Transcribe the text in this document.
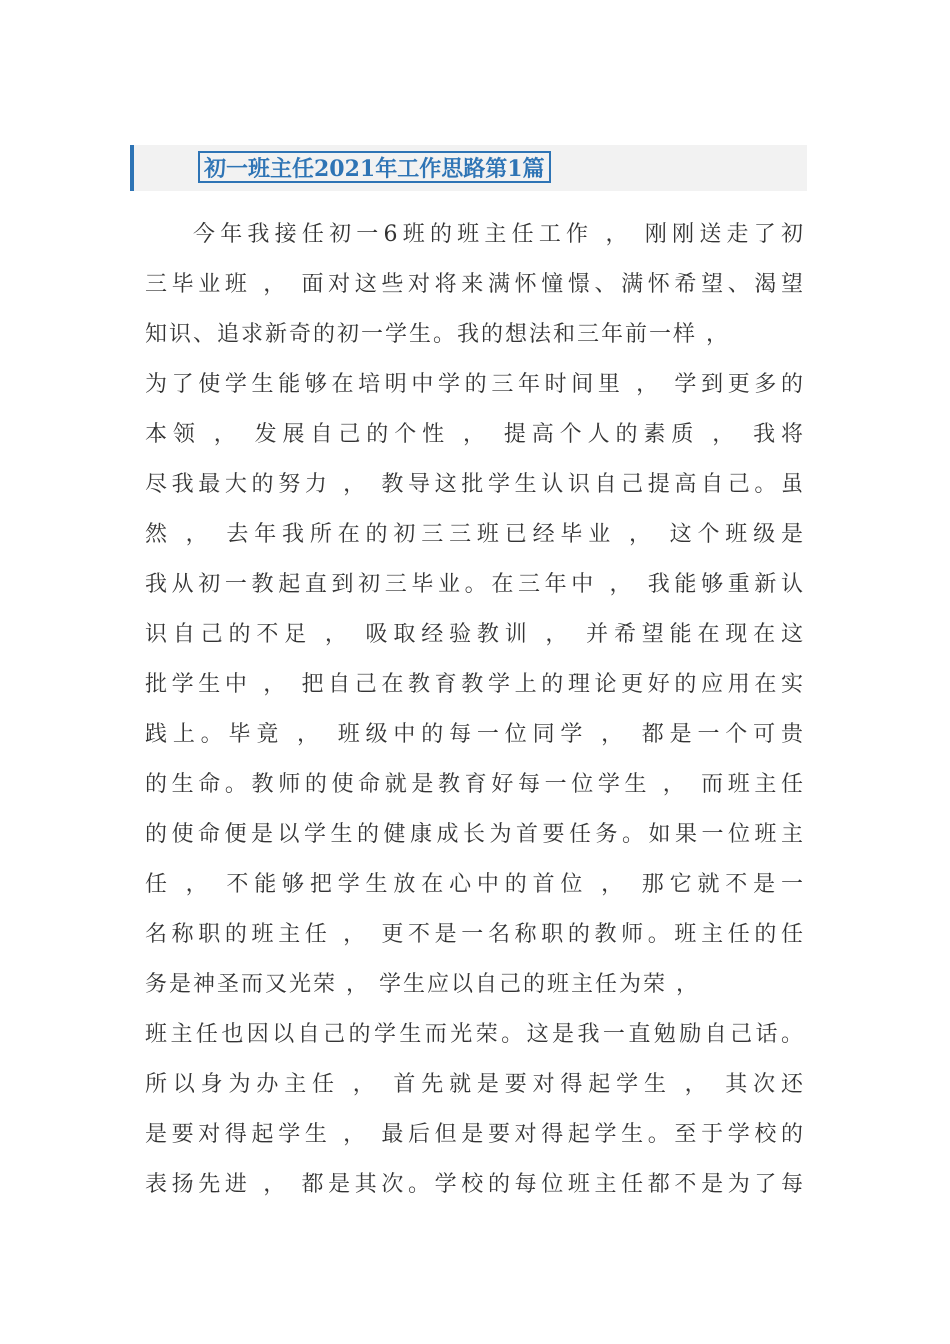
初一班主任2021年工作思路第1篇
今年我接任初一6班的班主任工作 ， 刚刚送走了初
三毕业班 ， 面对这些对将来满怀憧憬、满怀希望、渴望
知识、追求新奇的初一学生。我的想法和三年前一样 ，
为了使学生能够在培明中学的三年时间里 ， 学到更多的
本领 ， 发展自己的个性 ， 提高个人的素质 ， 我将
尽我最大的努力 ， 教导这批学生认识自己提高自己。虽
然 ， 去年我所在的初三三班已经毕业 ， 这个班级是
我从初一教起直到初三毕业。在三年中 ， 我能够重新认
识自己的不足 ， 吸取经验教训 ， 并希望能在现在这
批学生中 ， 把自己在教育教学上的理论更好的应用在实
践上。毕竟 ， 班级中的每一位同学 ， 都是一个可贵
的生命。教师的使命就是教育好每一位学生 ， 而班主任
的使命便是以学生的健康成长为首要任务。如果一位班主
任 ， 不能够把学生放在心中的首位 ， 那它就不是一
名称职的班主任 ， 更不是一名称职的教师。班主任的任
务是神圣而又光荣 ， 学生应以自己的班主任为荣 ，
班主任也因以自己的学生而光荣。这是我一直勉励自己话。
所以身为办主任 ， 首先就是要对得起学生 ， 其次还
是要对得起学生 ， 最后但是要对得起学生。至于学校的
表扬先进 ， 都是其次。学校的每位班主任都不是为了每
